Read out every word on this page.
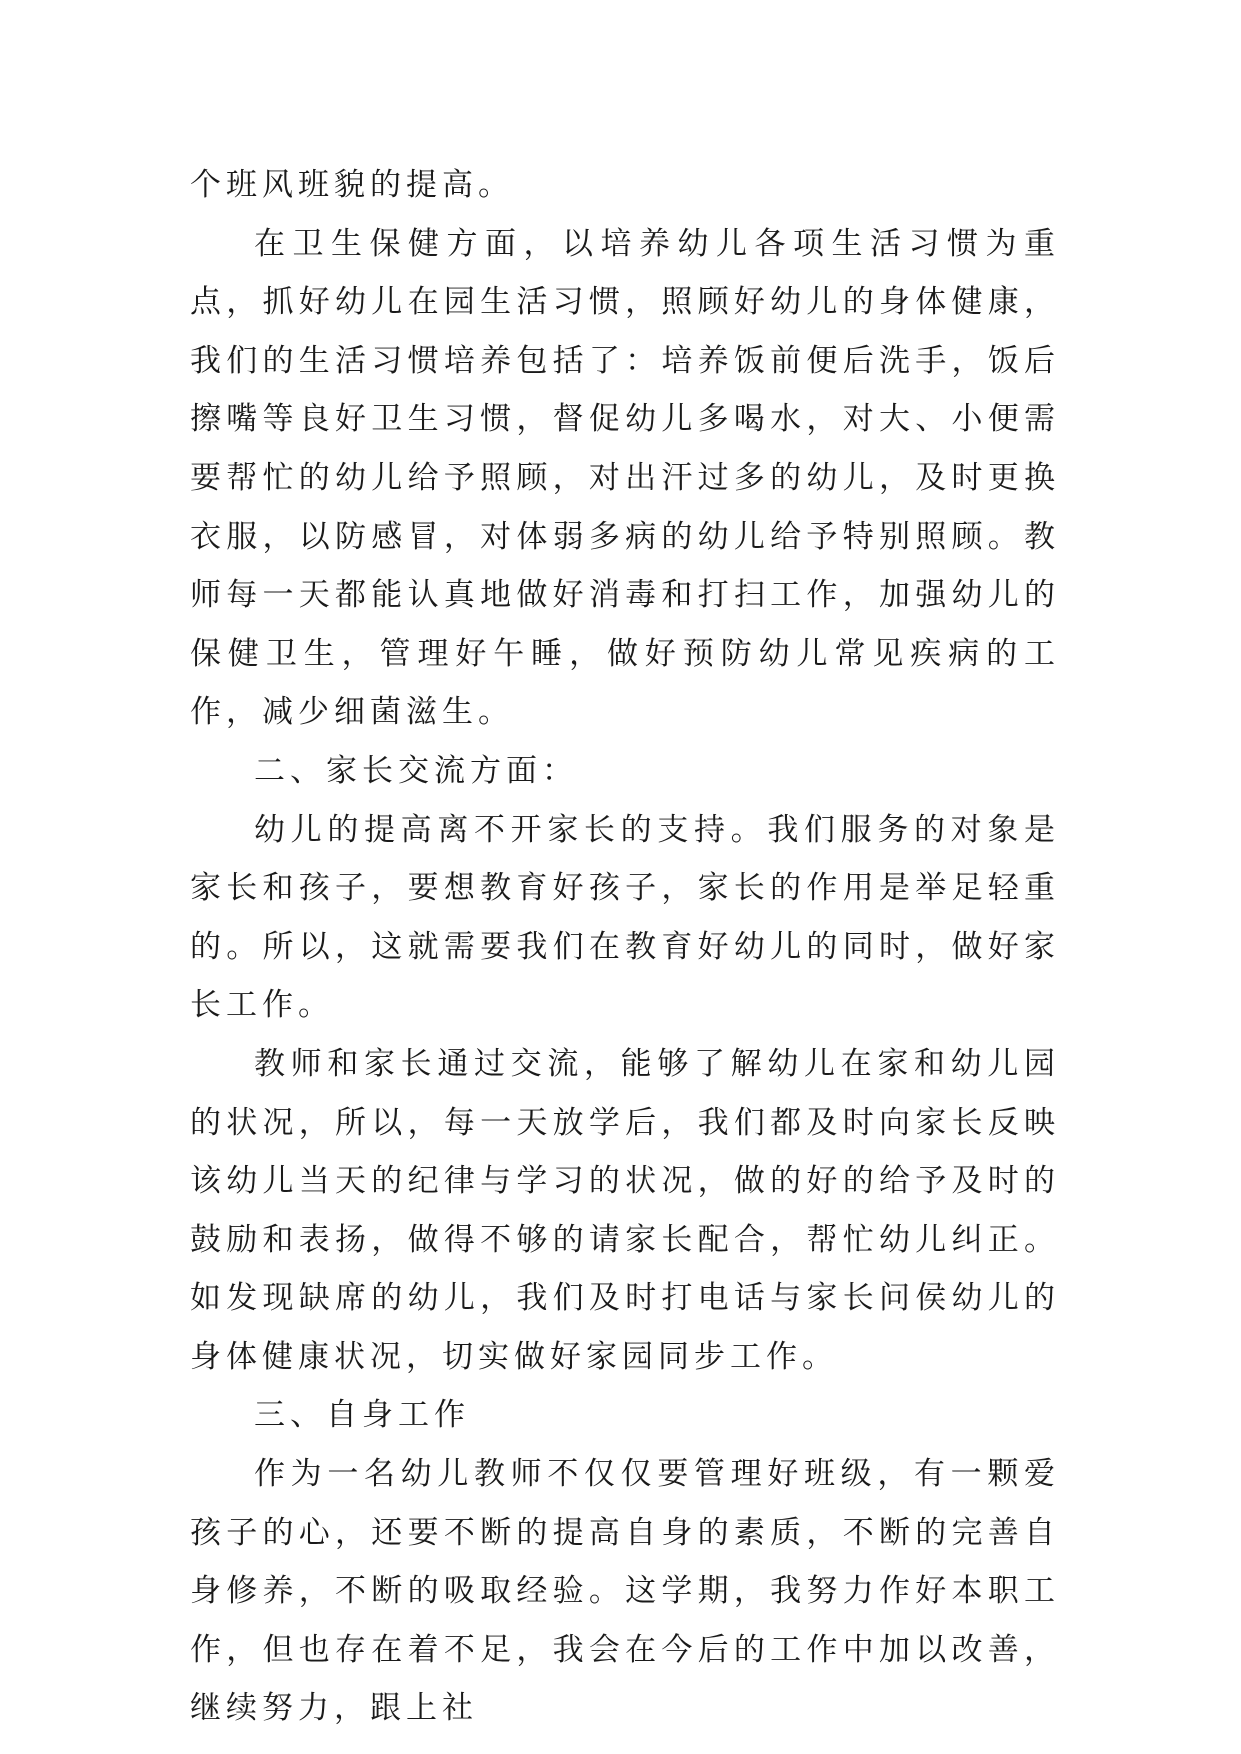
个班风班貌的提高。

在卫生保健方面，以培养幼儿各项生活习惯为重点，抓好幼儿在园生活习惯，照顾好幼儿的身体健康，我们的生活习惯培养包括了：培养饭前便后洗手，饭后擦嘴等良好卫生习惯，督促幼儿多喝水，对大、小便需要帮忙的幼儿给予照顾，对出汗过多的幼儿，及时更换衣服，以防感冒，对体弱多病的幼儿给予特别照顾。教师每一天都能认真地做好消毒和打扫工作，加强幼儿的保健卫生，管理好午睡，做好预防幼儿常见疾病的工作，减少细菌滋生。

二、家长交流方面：

幼儿的提高离不开家长的支持。我们服务的对象是家长和孩子，要想教育好孩子，家长的作用是举足轻重的。所以，这就需要我们在教育好幼儿的同时，做好家长工作。

教师和家长通过交流，能够了解幼儿在家和幼儿园的状况，所以，每一天放学后，我们都及时向家长反映该幼儿当天的纪律与学习的状况，做的好的给予及时的鼓励和表扬，做得不够的请家长配合，帮忙幼儿纠正。如发现缺席的幼儿，我们及时打电话与家长问侯幼儿的身体健康状况，切实做好家园同步工作。

三、自身工作

作为一名幼儿教师不仅仅要管理好班级，有一颗爱孩子的心，还要不断的提高自身的素质，不断的完善自身修养，不断的吸取经验。这学期，我努力作好本职工作，但也存在着不足，我会在今后的工作中加以改善，继续努力，跟上社
